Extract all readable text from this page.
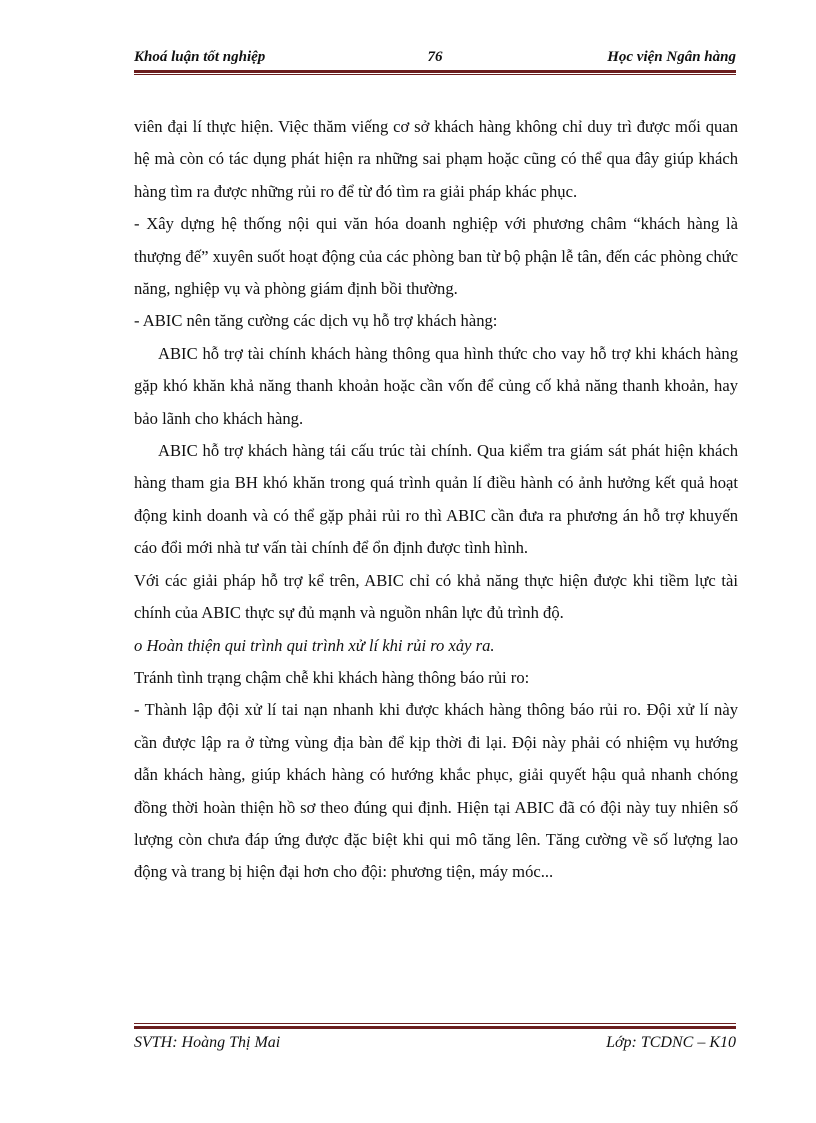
Khoá luận tốt nghiệp	76	Học viện Ngân hàng

viên đại lí thực hiện. Việc thăm viếng cơ sở khách hàng không chỉ duy trì được mối quan hệ mà còn có tác dụng phát hiện ra những sai phạm hoặc cũng có thể qua đây giúp khách hàng tìm ra được những rủi ro để từ đó tìm ra giải pháp khác phục.

- Xây dựng hệ thống nội qui văn hóa doanh nghiệp với phương châm “khách hàng là thượng đế” xuyên suốt hoạt động của các phòng ban từ bộ phận lễ tân, đến các phòng chức năng, nghiệp vụ và phòng giám định bồi thường.

- ABIC nên tăng cường các dịch vụ hỗ trợ khách hàng:

ABIC hỗ trợ tài chính khách hàng thông qua hình thức cho vay hỗ trợ khi khách hàng gặp khó khăn khả năng thanh khoản hoặc cần vốn để củng cố khả năng thanh khoản, hay bảo lãnh cho khách hàng.

ABIC hỗ trợ khách hàng tái cấu trúc tài chính. Qua kiểm tra giám sát phát hiện khách hàng tham gia BH khó khăn trong quá trình quản lí điều hành có ảnh hưởng kết quả hoạt động kinh doanh và có thể gặp phải rủi ro thì ABIC cần đưa ra phương án hỗ trợ khuyến cáo đổi mới nhà tư vấn tài chính để ổn định được tình hình.

Với các giải pháp hỗ trợ kể trên, ABIC chỉ có khả năng thực hiện được khi tiềm lực tài chính của ABIC thực sự đủ mạnh và nguồn nhân lực đủ trình độ.

o Hoàn thiện qui trình qui trình xử lí khi rủi ro xảy ra.

Tránh tình trạng chậm chễ khi khách hàng thông báo rủi ro:

- Thành lập đội xử lí tai nạn nhanh khi được khách hàng thông báo rủi ro. Đội xử lí này cần được lập ra ở từng vùng địa bàn để kịp thời đi lại. Đội này phải có nhiệm vụ hướng dẫn khách hàng, giúp khách hàng có hướng khắc phục, giải quyết hậu quả nhanh chóng đồng thời hoàn thiện hồ sơ theo đúng qui định. Hiện tại ABIC đã có đội này tuy nhiên số lượng còn chưa đáp ứng được đặc biệt khi qui mô tăng lên. Tăng cường về số lượng lao động và trang bị hiện đại hơn cho đội: phương tiện, máy móc...

SVTH: Hoàng Thị Mai	Lớp: TCDNC – K10
